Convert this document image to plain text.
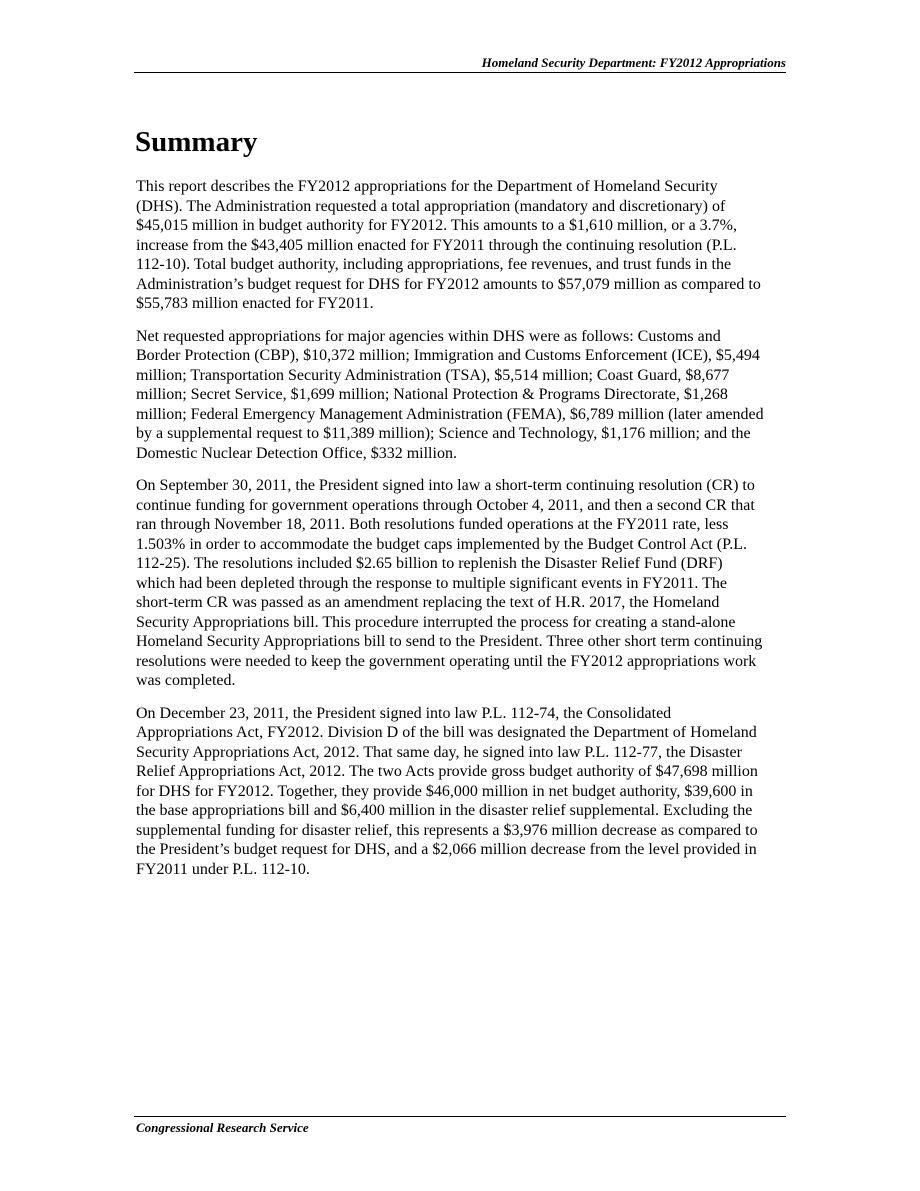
Homeland Security Department: FY2012 Appropriations
Summary

This report describes the FY2012 appropriations for the Department of Homeland Security
(DHS). The Administration requested a total appropriation (mandatory and discretionary) of
$45,015 million in budget authority for FY2012. This amounts to a $1,610 million, or a 3.7%,
increase from the $43,405 million enacted for FY2011 through the continuing resolution (P.L.
112-10). Total budget authority, including appropriations, fee revenues, and trust funds in the
Administration’s budget request for DHS for FY2012 amounts to $57,079 million as compared to
$55,783 million enacted for FY2011.

Net requested appropriations for major agencies within DHS were as follows: Customs and
Border Protection (CBP), $10,372 million; Immigration and Customs Enforcement (ICE), $5,494
million; Transportation Security Administration (TSA), $5,514 million; Coast Guard, $8,677
million; Secret Service, $1,699 million; National Protection & Programs Directorate, $1,268
million; Federal Emergency Management Administration (FEMA), $6,789 million (later amended
by a supplemental request to $11,389 million); Science and Technology, $1,176 million; and the
Domestic Nuclear Detection Office, $332 million.

On September 30, 2011, the President signed into law a short-term continuing resolution (CR) to
continue funding for government operations through October 4, 2011, and then a second CR that
ran through November 18, 2011. Both resolutions funded operations at the FY2011 rate, less
1.503% in order to accommodate the budget caps implemented by the Budget Control Act (P.L.
112-25). The resolutions included $2.65 billion to replenish the Disaster Relief Fund (DRF)
which had been depleted through the response to multiple significant events in FY2011. The
short-term CR was passed as an amendment replacing the text of H.R. 2017, the Homeland
Security Appropriations bill. This procedure interrupted the process for creating a stand-alone
Homeland Security Appropriations bill to send to the President. Three other short term continuing
resolutions were needed to keep the government operating until the FY2012 appropriations work
was completed.

On December 23, 2011, the President signed into law P.L. 112-74, the Consolidated
Appropriations Act, FY2012. Division D of the bill was designated the Department of Homeland
Security Appropriations Act, 2012. That same day, he signed into law P.L. 112-77, the Disaster
Relief Appropriations Act, 2012. The two Acts provide gross budget authority of $47,698 million
for DHS for FY2012. Together, they provide $46,000 million in net budget authority, $39,600 in
the base appropriations bill and $6,400 million in the disaster relief supplemental. Excluding the
supplemental funding for disaster relief, this represents a $3,976 million decrease as compared to
the President’s budget request for DHS, and a $2,066 million decrease from the level provided in
FY2011 under P.L. 112-10.

Congressional Research Service
